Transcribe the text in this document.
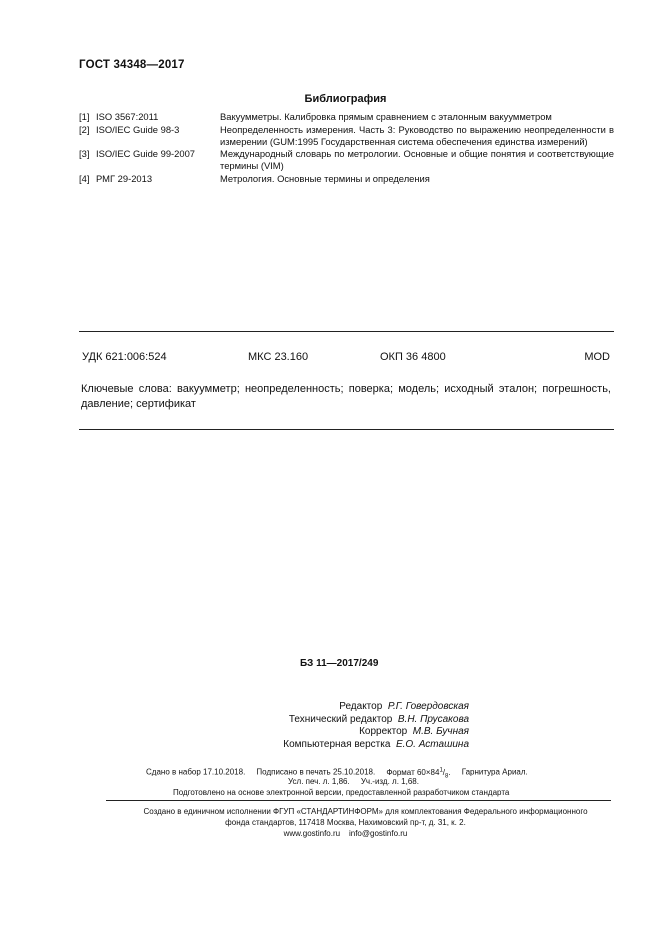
ГОСТ 34348—2017
Библиография
[1] ISO 3567:2011	Вакуумметры. Калибровка прямым сравнением с эталонным вакуумметром
[2] ISO/IEC Guide 98-3	Неопределенность измерения. Часть 3: Руководство по выражению неопределенности в измерении (GUM:1995 Государственная система обеспечения единства измерений)
[3] ISO/IEC Guide 99-2007	Международный словарь по метрологии. Основные и общие понятия и соответствующие термины (VIM)
[4] РМГ 29-2013	Метрология. Основные термины и определения
УДК 621:006:524	МКС 23.160	ОКП 36 4800	MOD
Ключевые слова: вакуумметр; неопределенность; поверка; модель; исходный эталон; погрешность, давление; сертификат
БЗ 11—2017/249
Редактор Р.Г. Говердовская
Технический редактор В.Н. Прусакова
Корректор М.В. Бучная
Компьютерная верстка Е.О. Асташина
Сдано в набор 17.10.2018. Подписано в печать 25.10.2018. Формат $60\times 84^1/_8$. Гарнитура Ариал.
Усл. печ. л. 1,86. Уч.-изд. л. 1,68.
Подготовлено на основе электронной версии, предоставленной разработчиком стандарта
Создано в единичном исполнении ФГУП «СТАНДАРТИНФОРМ» для комплектования Федерального информационного
фонда стандартов, 117418 Москва, Нахимовский пр-т, д. 31, к. 2.
www.gostinfo.ru info@gostinfo.ru
